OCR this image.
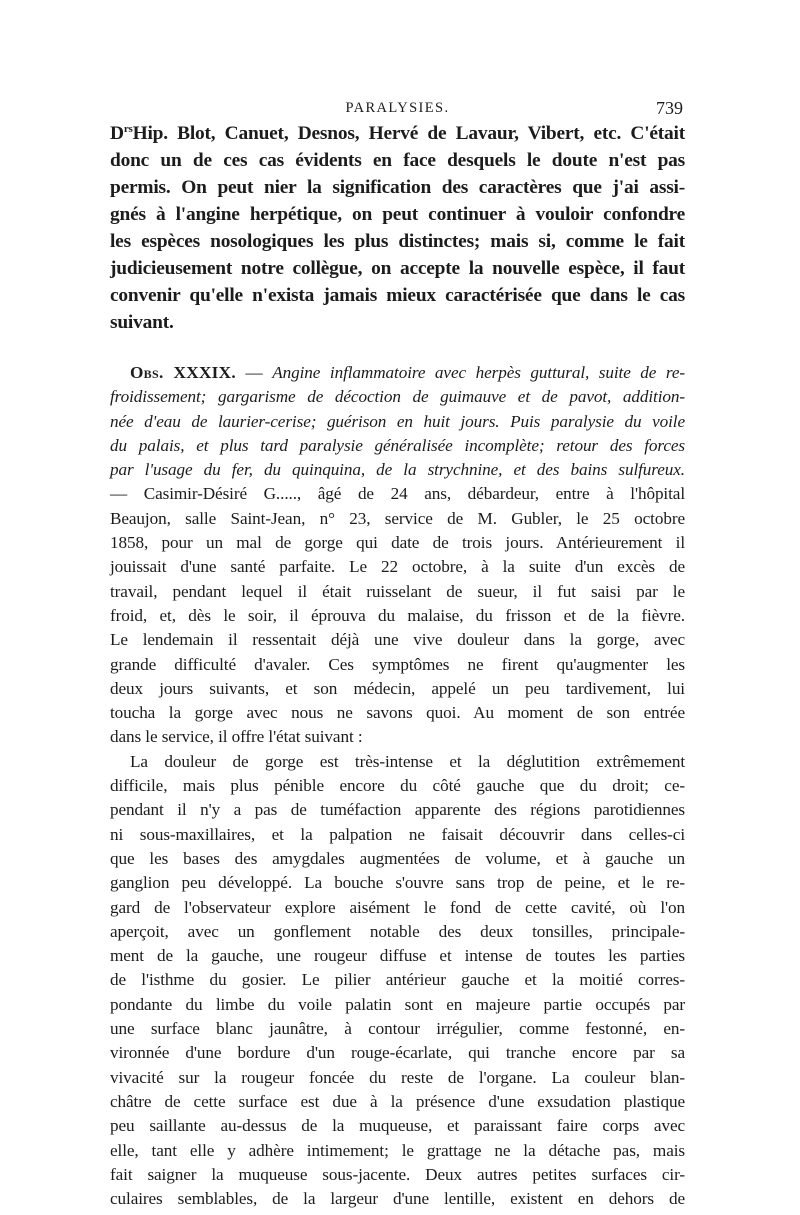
PARALYSIES.	739
$D^{rs}Hip$. Blot, Canuet, Desnos, Hervé de Lavaur, Vibert, etc. C'était
donc un de ces cas évidents en face desquels le doute n'est pas
permis. On peut nier la signification des caractères que j'ai assi-
gnés à l'angine herpétique, on peut continuer à vouloir confondre
les espèces nosologiques les plus distinctes; mais si, comme le fait
judicieusement notre collègue, on accepte la nouvelle espèce, il faut
convenir qu'elle n'exista jamais mieux caractérisée que dans le cas
suivant.
Obs. XXXIX. — Angine inflammatoire avec herpès guttural, suite de re-
froidissement; gargarisme de décoction de guimauve et de pavot, addition-
née d'eau de laurier-cerise; guérison en huit jours. Puis paralysie du voile
du palais, et plus tard paralysie généralisée incomplète; retour des forces
par l'usage du fer, du quinquina, de la strychnine, et des bains sulfureux.
— Casimir-Désiré G....., âgé de 24 ans, débardeur, entre à l'hôpital
Beaujon, salle Saint-Jean, n° 23, service de M. Gubler, le 25 octobre
1858, pour un mal de gorge qui date de trois jours. Antérieurement il
jouissait d'une santé parfaite. Le 22 octobre, à la suite d'un excès de
travail, pendant lequel il était ruisselant de sueur, il fut saisi par le
froid, et, dès le soir, il éprouva du malaise, du frisson et de la fièvre.
Le lendemain il ressentait déjà une vive douleur dans la gorge, avec
grande difficulté d'avaler. Ces symptômes ne firent qu'augmenter les
deux jours suivants, et son médecin, appelé un peu tardivement, lui
toucha la gorge avec nous ne savons quoi. Au moment de son entrée
dans le service, il offre l'état suivant :
La douleur de gorge est très-intense et la déglutition extrêmement
difficile, mais plus pénible encore du côté gauche que du droit; ce-
pendant il n'y a pas de tuméfaction apparente des régions parotidiennes
ni sous-maxillaires, et la palpation ne faisait découvrir dans celles-ci
que les bases des amygdales augmentées de volume, et à gauche un
ganglion peu développé. La bouche s'ouvre sans trop de peine, et le re-
gard de l'observateur explore aisément le fond de cette cavité, où l'on
aperçoit, avec un gonflement notable des deux tonsilles, principale-
ment de la gauche, une rougeur diffuse et intense de toutes les parties
de l'isthme du gosier. Le pilier antérieur gauche et la moitié corres-
pondante du limbe du voile palatin sont en majeure partie occupés par
une surface blanc jaunâtre, à contour irrégulier, comme festonné, en-
vironnée d'une bordure d'un rouge-écarlate, qui tranche encore par sa
vivacité sur la rougeur foncée du reste de l'organe. La couleur blan-
châtre de cette surface est due à la présence d'une exsudation plastique
peu saillante au-dessus de la muqueuse, et paraissant faire corps avec
elle, tant elle y adhère intimement; le grattage ne la détache pas, mais
fait saigner la muqueuse sous-jacente. Deux autres petites surfaces cir-
culaires semblables, de la largeur d'une lentille, existent en dehors de
